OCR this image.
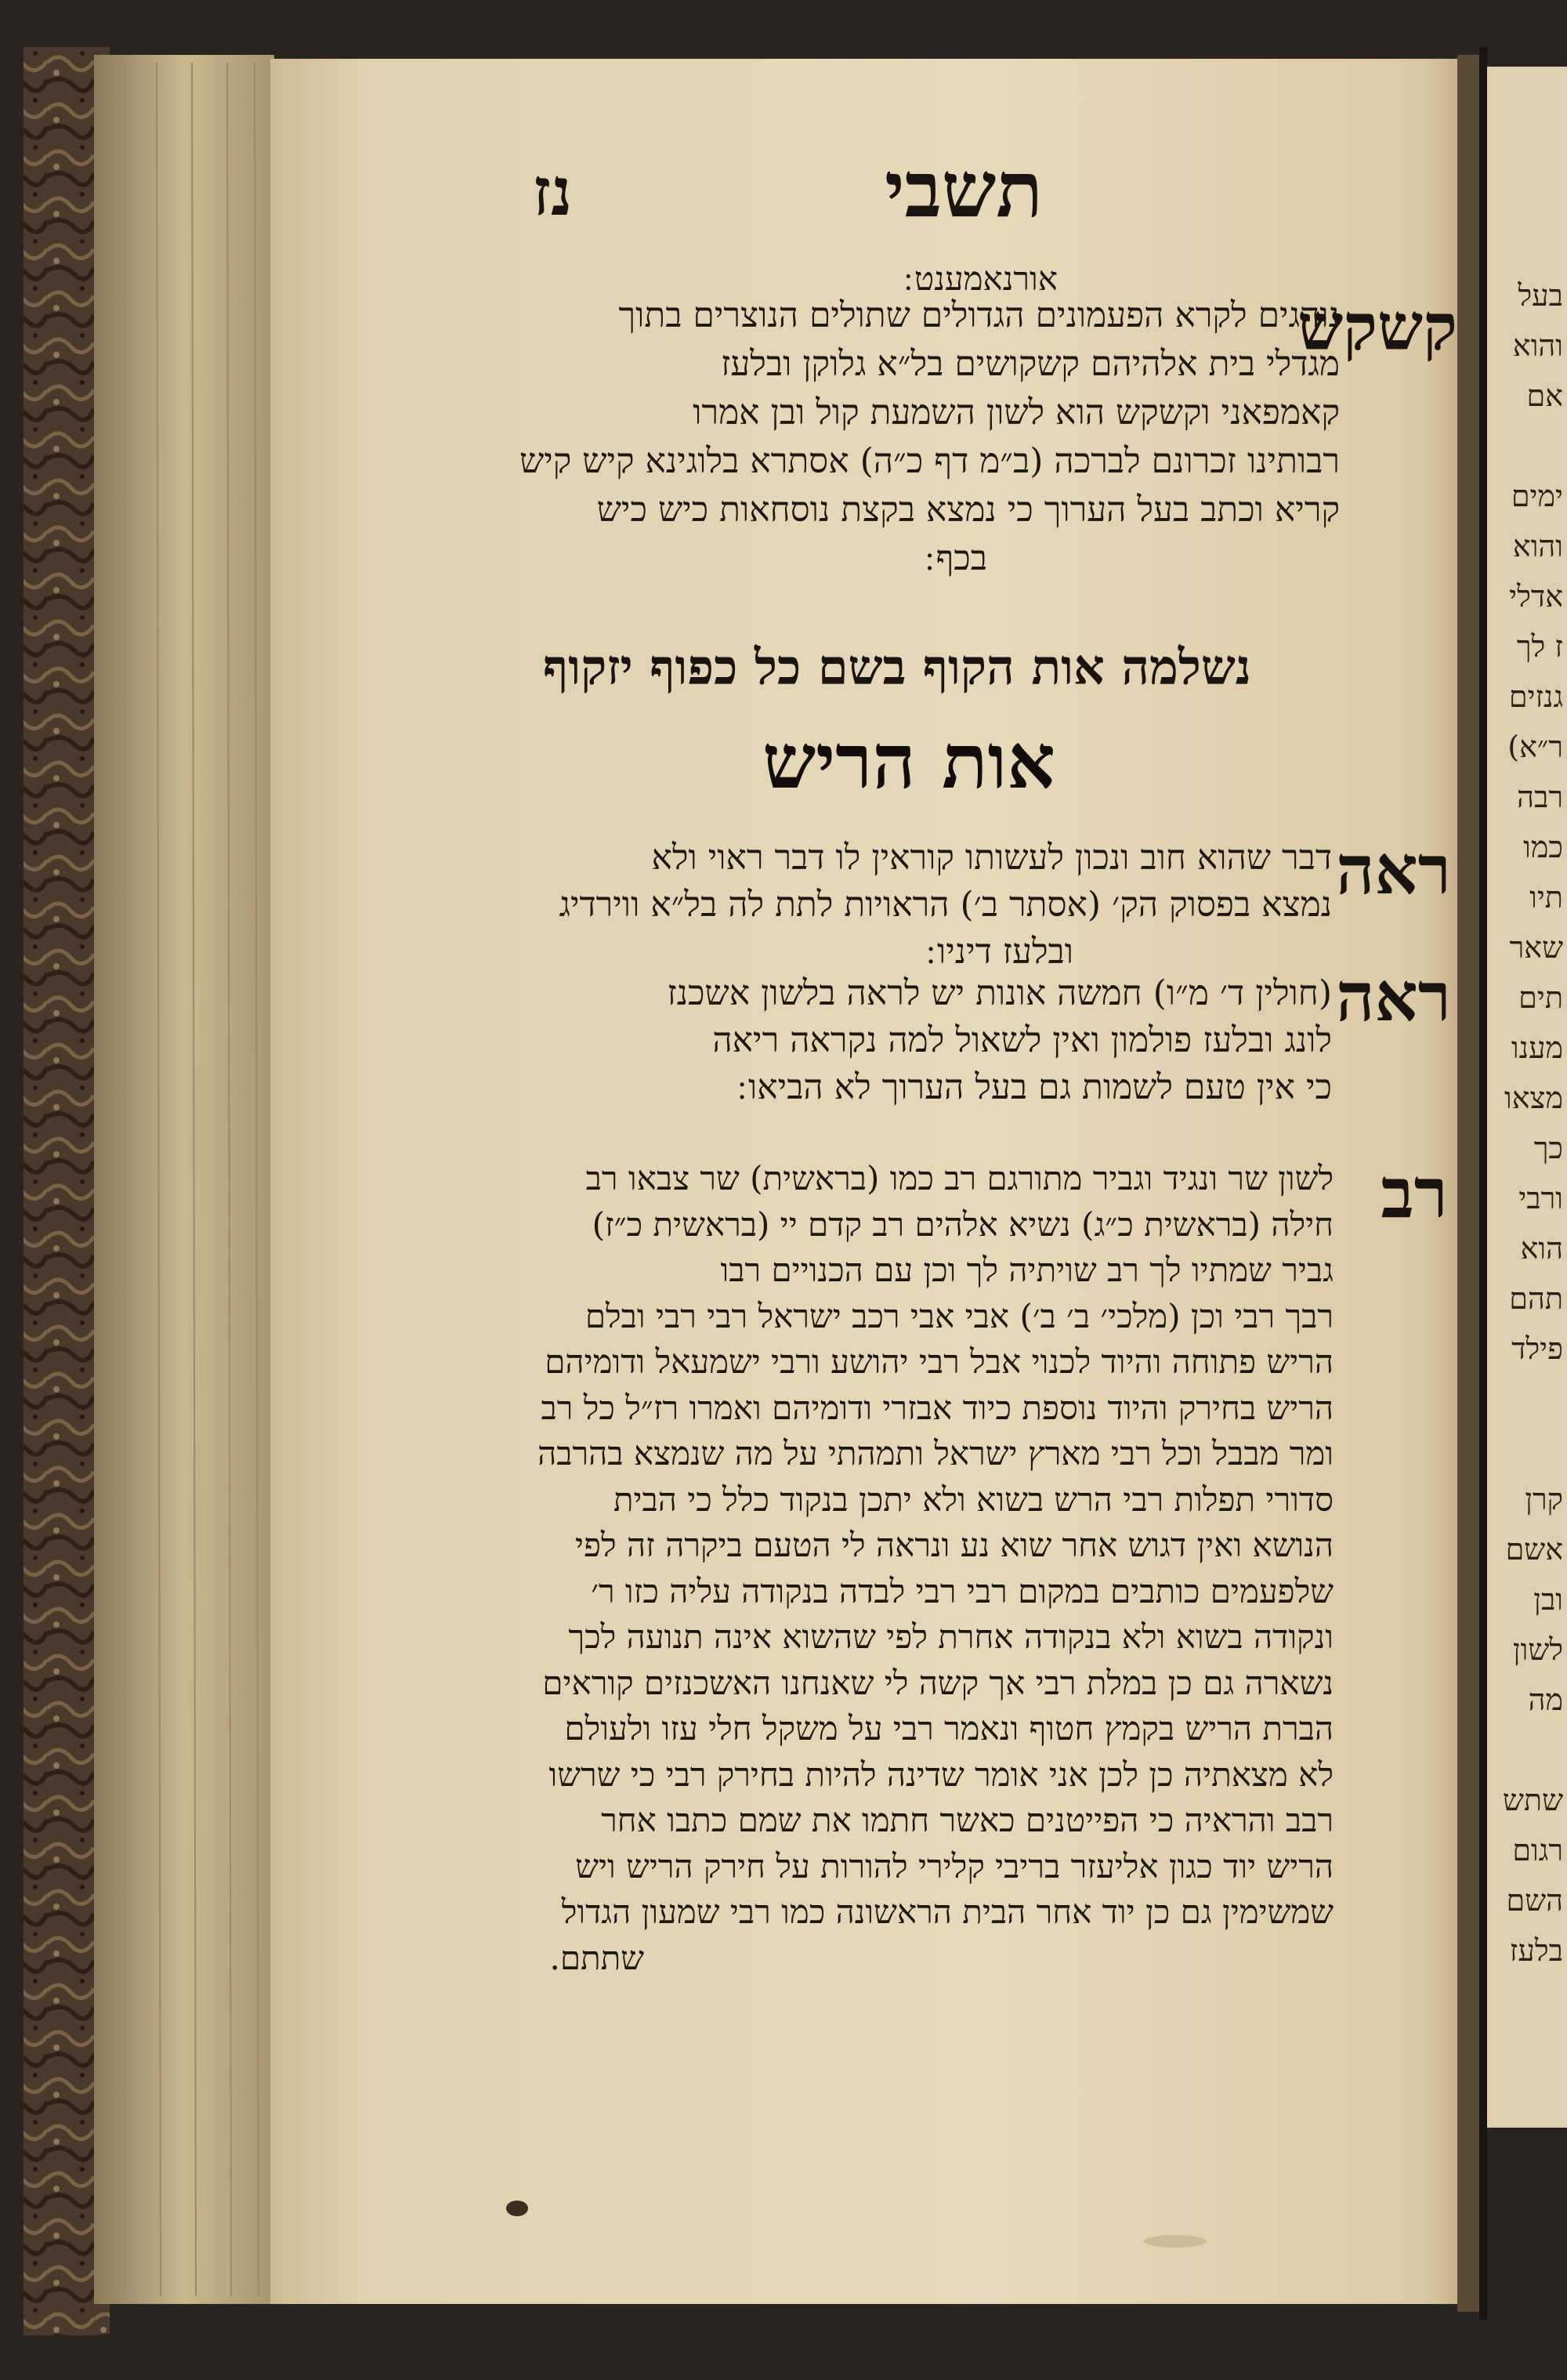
תשבי
נז
אורנאמענט ׃
קשקש
נוהגים לקרא הפעמונים הגדולים שתולים הנוצרים בתוך
מגדלי בית אלהיהם קשקושים בל״א גלוקן ובלעז
קאמפאני וקשקש הוא לשון השמעת קול ובן אמרו
רבותינו זכרונם לברכה (ב״מ דף כ״ה) אסתרא בלוגינא קיש קיש
קריא וכתב בעל הערוך כי נמצא בקצת נוסחאות כיש כיש
בכף ׃
נשלמה אות הקוף בשם כל כפוף יזקוף
אות הריש
ראה
דבר שהוא חוב ונכון לעשותו קוראין לו דבר ראוי ולא
נמצא בפסוק הק׳ (אסתר ב׳) הראויות לתת לה בל״א ווירדיג
ובלעז דיניו ׃
ראה
(חולין ד׳ מ״ו) חמשה אונות יש לראה בלשון אשכנז
לונג ובלעז פולמון ואין לשאול למה נקראה ריאה
כי אין טעם לשמות גם בעל הערוך לא הביאו ׃
רב
לשון שר ונגיד וגביר מתורגם רב כמו (בראשית) שר צבאו רב
חילה (בראשית כ״ג) נשיא אלהים רב קדם יי (בראשית כ״ז)
גביר שמתיו לך רב שויתיה לך וכן עם הכנויים רבו
רבך רבי וכן (מלכי׳ ב׳ ב׳) אבי אבי רכב ישראל רבי רבי ובלם
הריש פתוחה והיוד לכנוי אבל רבי יהושע ורבי ישמעאל ודומיהם
הריש בחירק והיוד נוספת כיוד אבזרי ודומיהם ואמרו רז״ל כל רב
ומר מבבל וכל רבי מארץ ישראל ותמהתי על מה שנמצא בהרבה
סדורי תפלות רבי הרש בשוא ולא יתכן בנקוד כלל כי הבית
הנושא ואין דגוש אחר שוא נע ונראה לי הטעם ביקרה זה לפי
שלפעמים כותבים במקום רבי רבי לבדה בנקודה עליה כזו ר׳
ונקודה בשוא ולא בנקודה אחרת לפי שהשוא אינה תנועה לכך
נשארה גם כן במלת רבי אך קשה לי שאנחנו האשכנזים קוראים
הברת הריש בקמץ חטוף ונאמר רבי על משקל חלי עזו ולעולם
לא מצאתיה כן לכן אני אומר שדינה להיות בחירק רבי כי שרשו
רבב והראיה כי הפייטנים כאשר חתמו את שמם כתבו אחר
הריש יוד כגון אליעזר בריבי קלירי להורות על חירק הריש ויש
שמשימין גם כן יוד אחר הבית הראשונה כמו רבי שמעון הגדול
שתתם.
בעל
והוא
אם
ימים
והוא
אדלי
ז לך
גנזים
ר״א)
רבה
כמו
תיו
שאר
תים
מענו
מצאו
כך
ורבי
הוא
תהם
פילד
קרן
אשם
ובן
לשון
מה
שתש
רגום
השם
בלעז
